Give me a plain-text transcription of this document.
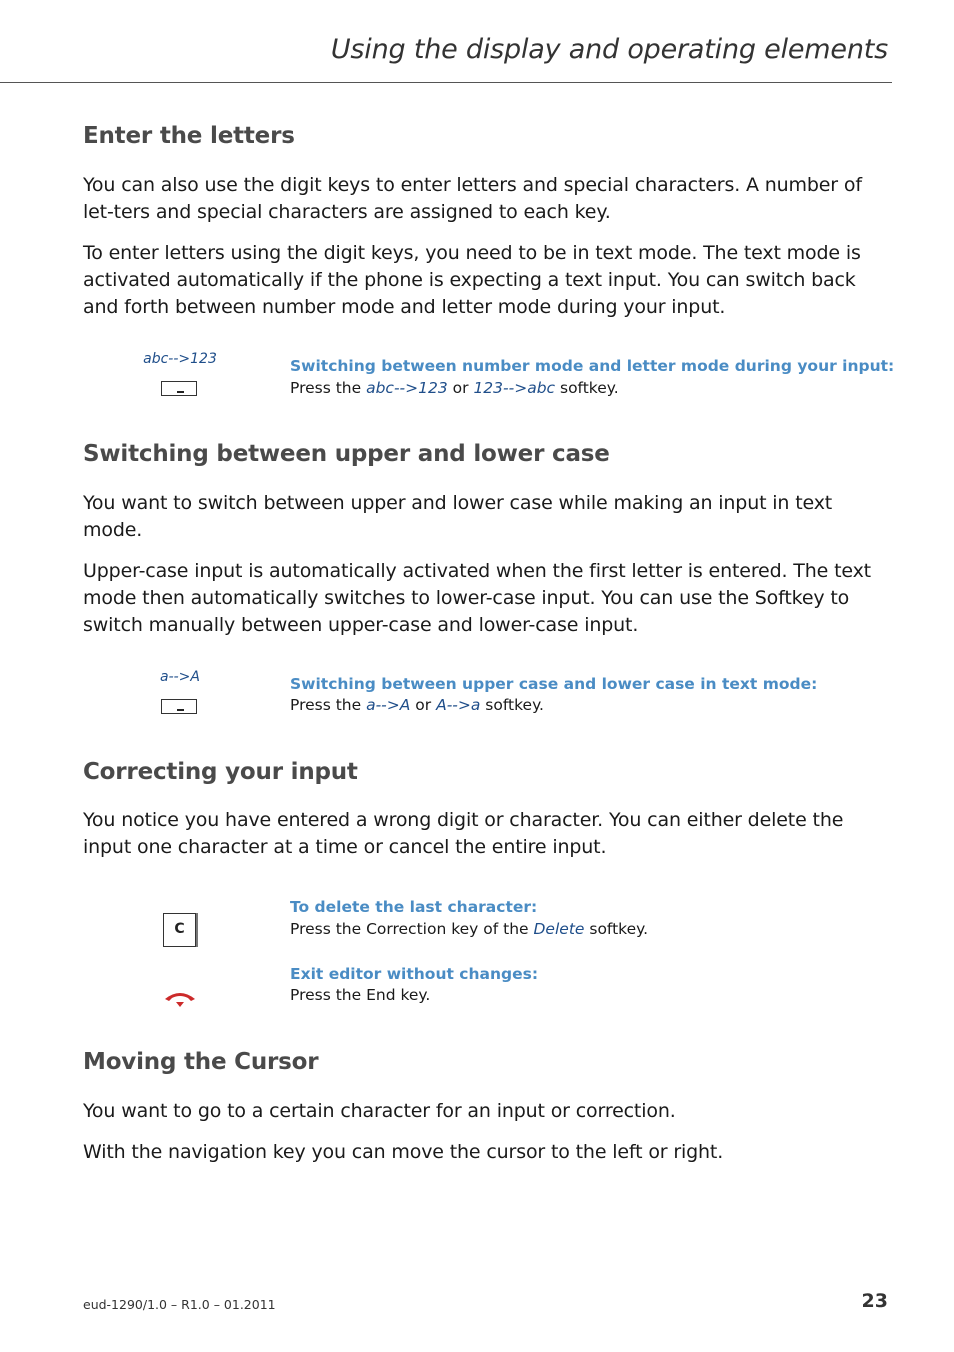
Using the display and operating elements
Enter the letters

You can also use the digit keys to enter letters and special characters. A number of let-ters and special characters are assigned to each key.

To enter letters using the digit keys, you need to be in text mode. The text mode is activated automatically if the phone is expecting a text input. You can switch back and forth between number mode and letter mode during your input.

abc-->123	Switching between number mode and letter mode during your input:
Press the abc-->123 or 123-->abc softkey.
Switching between upper and lower case

You want to switch between upper and lower case while making an input in text mode.

Upper-case input is automatically activated when the first letter is entered. The text mode then automatically switches to lower-case input. You can use the Softkey to switch manually between upper-case and lower-case input.

a-->A	Switching between upper case and lower case in text mode:
Press the a-->A or A-->a softkey.
Correcting your input

You notice you have entered a wrong digit or character. You can either delete the input one character at a time or cancel the entire input.

C
To delete the last character:
Press the Correction key of the Delete softkey.
Exit editor without changes:
Press the End key.
Moving the Cursor

You want to go to a certain character for an input or correction.

With the navigation key you can move the cursor to the left or right.

eud-1290/1.0 – R1.0 – 01.2011	23
